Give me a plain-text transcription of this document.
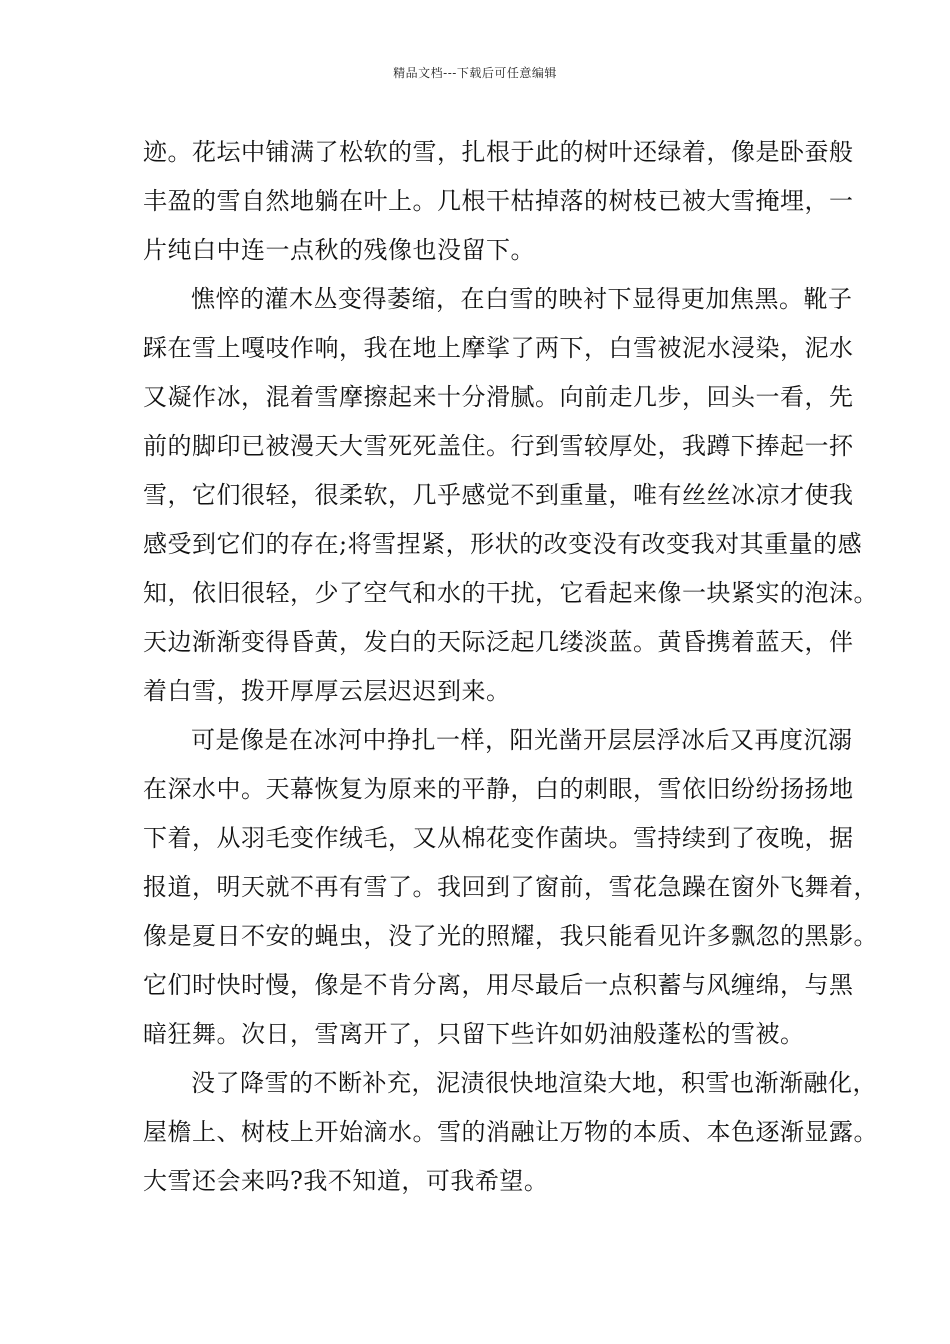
精品文档---下载后可任意编辑
迹。花坛中铺满了松软的雪，扎根于此的树叶还绿着，像是卧蚕般
丰盈的雪自然地躺在叶上。几根干枯掉落的树枝已被大雪掩埋，一
片纯白中连一点秋的残像也没留下。
憔悴的灌木丛变得萎缩，在白雪的映衬下显得更加焦黑。靴子
踩在雪上嘎吱作响，我在地上摩挲了两下，白雪被泥水浸染，泥水
又凝作冰，混着雪摩擦起来十分滑腻。向前走几步，回头一看，先
前的脚印已被漫天大雪死死盖住。行到雪较厚处，我蹲下捧起一抔
雪，它们很轻，很柔软，几乎感觉不到重量，唯有丝丝冰凉才使我
感受到它们的存在;将雪捏紧，形状的改变没有改变我对其重量的感
知，依旧很轻，少了空气和水的干扰，它看起来像一块紧实的泡沫。
天边渐渐变得昏黄，发白的天际泛起几缕淡蓝。黄昏携着蓝天，伴
着白雪，拨开厚厚云层迟迟到来。
可是像是在冰河中挣扎一样，阳光凿开层层浮冰后又再度沉溺
在深水中。天幕恢复为原来的平静，白的刺眼，雪依旧纷纷扬扬地
下着，从羽毛变作绒毛，又从棉花变作菌块。雪持续到了夜晚，据
报道，明天就不再有雪了。我回到了窗前，雪花急躁在窗外飞舞着，
像是夏日不安的蝇虫，没了光的照耀，我只能看见许多飘忽的黑影。
它们时快时慢，像是不肯分离，用尽最后一点积蓄与风缠绵，与黑
暗狂舞。次日，雪离开了，只留下些许如奶油般蓬松的雪被。
没了降雪的不断补充，泥渍很快地渲染大地，积雪也渐渐融化，
屋檐上、树枝上开始滴水。雪的消融让万物的本质、本色逐渐显露。
大雪还会来吗?我不知道，可我希望。
